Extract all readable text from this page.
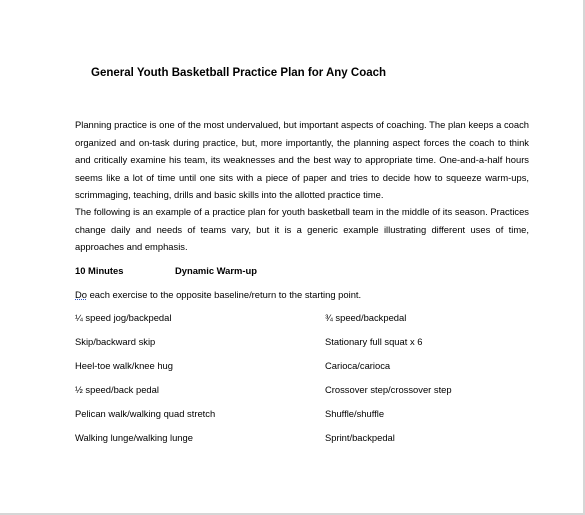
General Youth Basketball Practice Plan for Any Coach
Planning practice is one of the most undervalued, but important aspects of coaching. The plan keeps a coach organized and on-task during practice, but, more importantly, the planning aspect forces the coach to think and critically examine his team, its weaknesses and the best way to appropriate time. One-and-a-half hours seems like a lot of time until one sits with a piece of paper and tries to decide how to squeeze warm-ups, scrimmaging, teaching, drills and basic skills into the allotted practice time.
The following is an example of a practice plan for youth basketball team in the middle of its season. Practices change daily and needs of teams vary, but it is a generic example illustrating different uses of time, approaches and emphasis.
10 Minutes	Dynamic Warm-up
Do each exercise to the opposite baseline/return to the starting point.
¼ speed jog/backpedal
Skip/backward skip
Heel-toe walk/knee hug
½ speed/back pedal
Pelican walk/walking quad stretch
Walking lunge/walking lunge
¾ speed/backpedal
Stationary full squat x 6
Carioca/carioca
Crossover step/crossover step
Shuffle/shuffle
Sprint/backpedal
